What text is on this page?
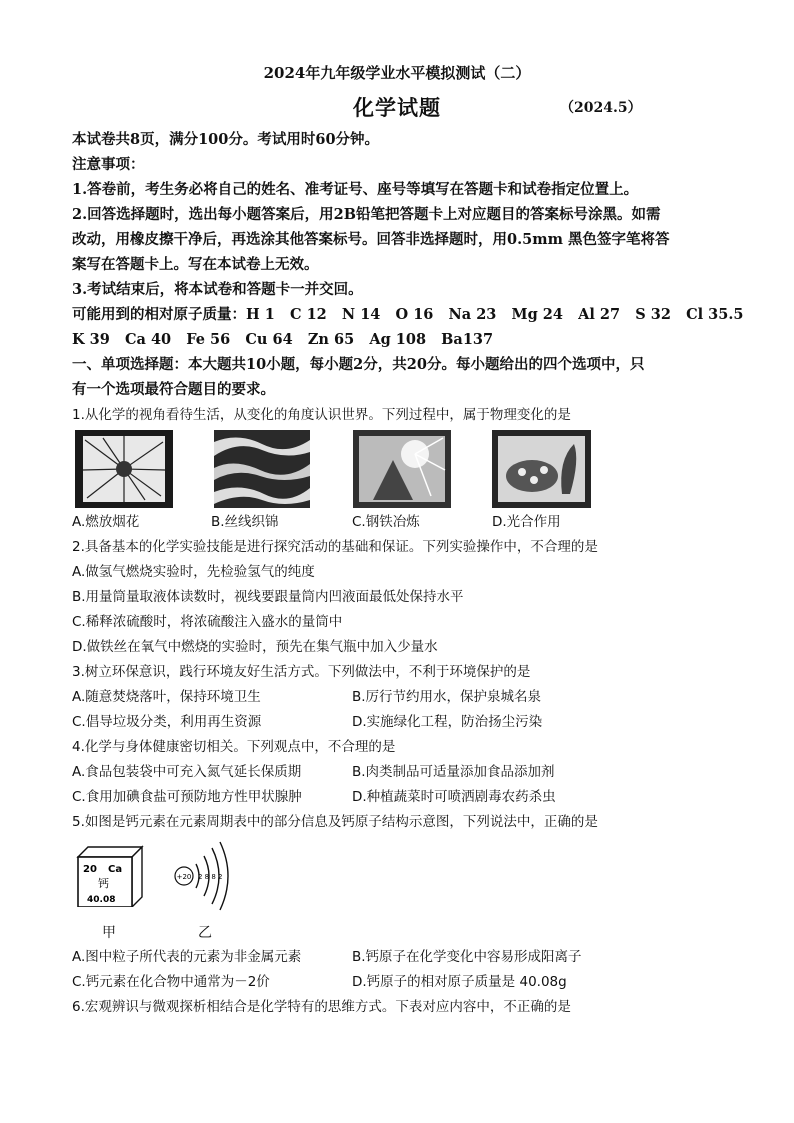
2024年九年级学业水平模拟测试（二）
化学试题	（2024.5）
本试卷共8页，满分100分。考试用时60分钟。
注意事项：
1.答卷前，考生务必将自己的姓名、准考证号、座号等填写在答题卡和试卷指定位置上。
2.回答选择题时，选出每小题答案后，用2B铅笔把答题卡上对应题目的答案标号涂黑。如需
改动，用橡皮擦干净后，再选涂其他答案标号。回答非选择题时，用0.5mm 黑色签字笔将答
案写在答题卡上。写在本试卷上无效。
3.考试结束后，将本试卷和答题卡一并交回。
可能用到的相对原子质量：H 1   C 12   N 14   O 16   Na 23   Mg 24   Al 27   S 32   Cl 35.5
K 39   Ca 40   Fe 56   Cu 64   Zn 65   Ag 108   Ba137
一、单项选择题：本大题共10小题，每小题2分，共20分。每小题给出的四个选项中，只
有一个选项最符合题目的要求。
1.从化学的视角看待生活，从变化的角度认识世界。下列过程中，属于物理变化的是
A.燃放烟花	B.丝线织锦	C.钢铁冶炼	D.光合作用
2.具备基本的化学实验技能是进行探究活动的基础和保证。下列实验操作中，不合理的是
A.做氢气燃烧实验时，先检验氢气的纯度
B.用量筒量取液体读数时，视线要跟量筒内凹液面最低处保持水平
C.稀释浓硫酸时，将浓硫酸注入盛水的量筒中
D.做铁丝在氧气中燃烧的实验时，预先在集气瓶中加入少量水
3.树立环保意识，践行环境友好生活方式。下列做法中，不利于环境保护的是
A.随意焚烧落叶，保持环境卫生	B.厉行节约用水，保护泉城名泉
C.倡导垃圾分类，利用再生资源	D.实施绿化工程，防治扬尘污染
4.化学与身体健康密切相关。下列观点中，不合理的是
A.食品包装袋中可充入氮气延长保质期	B.肉类制品可适量添加食品添加剂
C.食用加碘食盐可预防地方性甲状腺肿	D.种植蔬菜时可喷洒剧毒农药杀虫
5.如图是钙元素在元素周期表中的部分信息及钙原子结构示意图，下列说法中，正确的是
20 Ca
钙
40.08
+20 2 8 8 2
甲	乙
A.图中粒子所代表的元素为非金属元素	B.钙原子在化学变化中容易形成阳离子
C.钙元素在化合物中通常为－2价	D.钙原子的相对原子质量是 40.08g
6.宏观辨识与微观探析相结合是化学特有的思维方式。下表对应内容中，不正确的是
